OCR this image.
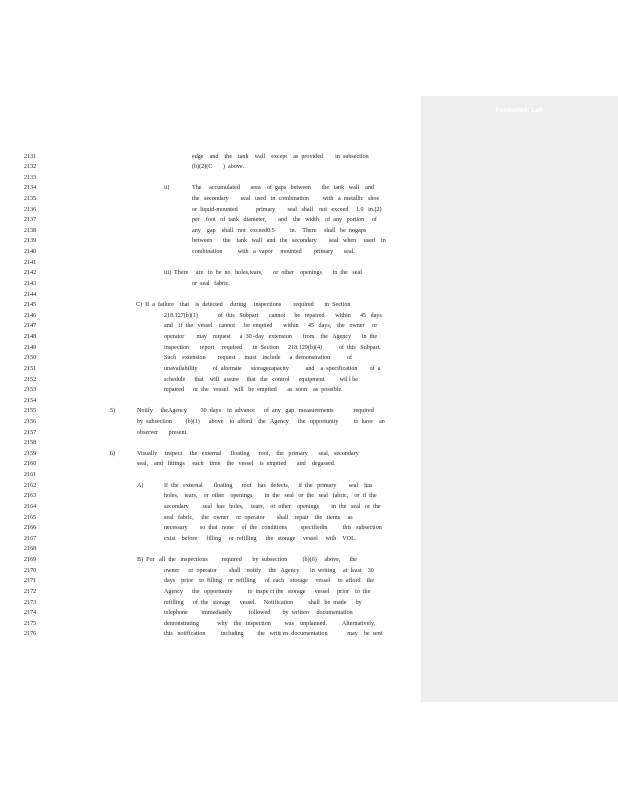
Formatted: Left
2131	edge    and    the    tank    wall    except    as  provided        in  subsection
2132	(b)(2)(C       )  above.
2133
2134	ii)	The     accumulated       area    of  gaps   between       the   tank   wall    and
2135	the   secondary        seal   used   in  combination         with   a  metallic   shoe
2136	or  liquid-mounted            primary        seal   shall    not   exceed     1.0   in.(2)
2137	per    foot   of  tank   diameter,        and    the   width    of  any   portion     of
2138	any    gap    shall   not   exceed0.5          in.    There     shall   be  nogaps
2139	between       the    tank   wall   and   the   secondary        seal   when     used    in
2140	combination          with   a  vapor     mounted        primary       seal.
2141
2142	iii)  There     are   to  be  no   holes,tears,       or  other    openings       in  the   seal
2143	or  seal   fabric.
2144
2145	C)  If  a  failure    that    is  detected     during     inspections        required       in  Section
2146	218.127(b)(1)             of  this   Subpart       cannot      be   repaired       within      45   days
2147	and    if  the   vessel    cannot      be  emptied       within      45   days,    the   owner     or
2148	operator        may    request      a  30 -day   extension       from    the   Agency       in  the
2149	inspection       report     required       in  Section      218.129(b)(4)           of  this   Subpart.
2150	Such    extension        request      must    include      a  demonstration           of
2151	unavailability          of  alternate      storagecapacity           and    a  specification        of  a
2152	schedule      that    will   assure     that   the   control      equipment          wil l be
2153	repaired      or  the   vessel    will   be  emptied       as  soon    as  possible.
2154
2155	5)	Notify     theAgency         30  days    in  advance      of  any   gap   measurements             required
2156	by  subsection         (b)(1)      above    to  afford    the   Agency      the   opportunity          to  have    an
2157	observer       present.
2158
2159	6)	Visually     inspect     the   external      floating      roof,    the   primary       seal,   secondary
2160	seal,    and   fittings     each    time    the   vessel    is  emptied       and    degassed.
2161
2162	A)	If  the   external       floating      roof    has   defects,      if  the   primary        seal    has
2163	holes,    tears,    or  other    openings        in  the   seal   or  the   seal   fabric,    or  if  the
2164	secondary         seal   has   holes,     tears,    or  other    openings        in  the   seal   or  the
2165	seal   fabric,     the   owner     or  operator        shall    repair    the   items     as
2166	necessary        so  that   none     of  the   conditions         specifiedin          this   subsection
2167	exist    before      filling     or  refilling      the   storage     vessel     with    VOL.
2168
2169	B)  For   all  the   inspections         required       by  subsection          (b)(6)     above,      the
2170	owner      or  operator        shall    notify     the   Agency       in  writing     at  least    30
2171	days    prior    to  filling    or  refilling      of  each    storage     vessel     to  afford    the
2172	Agency      the   opportunity          to  inspe ct the   storage      vessel     prior    to  the
2173	refilling      of  the   storage      vessel.     Notification          shall   be  made      by
2174	telephone         immediately           followed        by  written     documentation
2175	demonstrating            why    the   inspection         was    unplanned.          Alternatively,
2176	this   notification          including         the   writt en  documentation             may    be  sent
